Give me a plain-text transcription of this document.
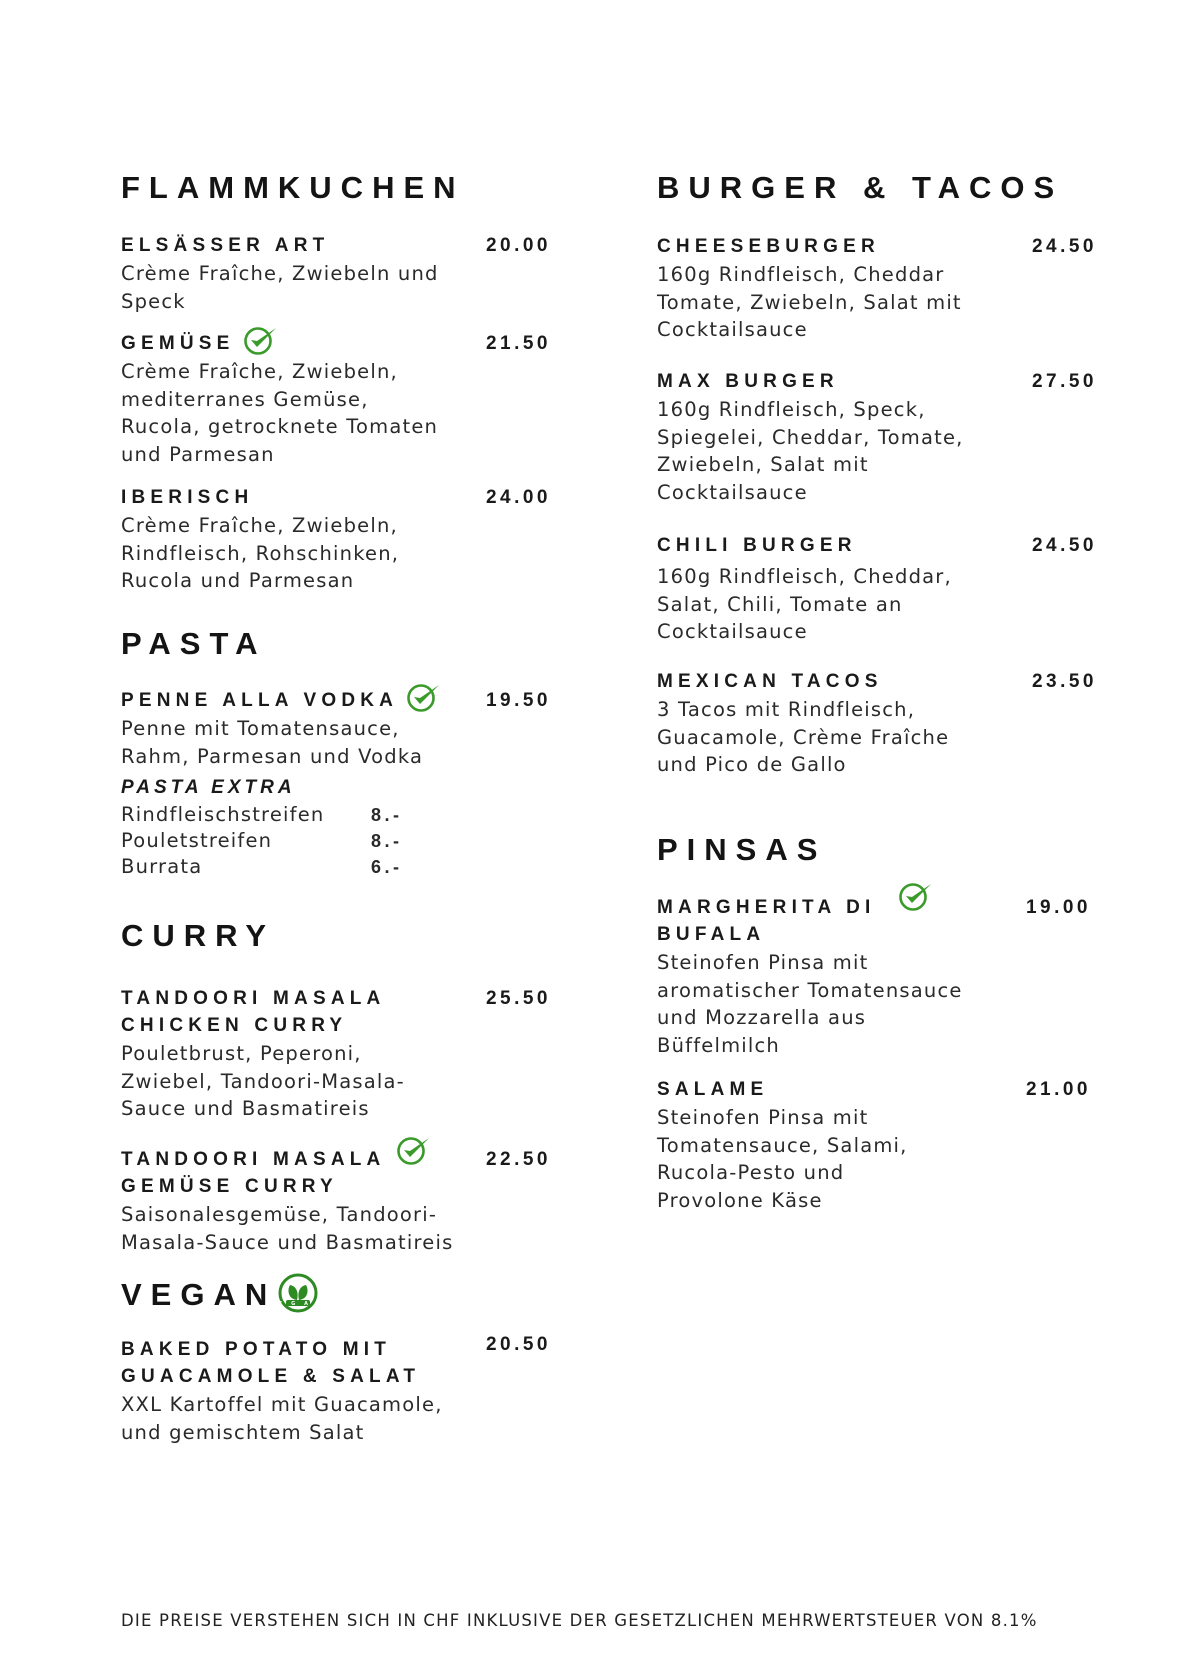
FLAMMKUCHEN
ELSÄSSER ART	20.00
Crème Fraîche, Zwiebeln und
Speck
GEMÜSE	21.50
Crème Fraîche, Zwiebeln,
mediterranes Gemüse,
Rucola, getrocknete Tomaten
und Parmesan
IBERISCH	24.00
Crème Fraîche, Zwiebeln,
Rindfleisch, Rohschinken,
Rucola und Parmesan
PASTA
PENNE ALLA VODKA	19.50
Penne mit Tomatensauce,
Rahm, Parmesan und Vodka
PASTA EXTRA
Rindfleischstreifen	8.-
Pouletstreifen	8.-
Burrata	6.-
CURRY
TANDOORI MASALA
CHICKEN CURRY
25.50
Pouletbrust, Peperoni,
Zwiebel, Tandoori-Masala-
Sauce und Basmatireis
TANDOORI MASALA
GEMÜSE CURRY
22.50
Saisonalesgemüse, Tandoori-
Masala-Sauce und Basmatireis
VEGAN
VEGAN
BAKED POTATO MIT
GUACAMOLE & SALAT
20.50
XXL Kartoffel mit Guacamole,
und gemischtem Salat
BURGER & TACOS
CHEESEBURGER	24.50
160g Rindfleisch, Cheddar
Tomate, Zwiebeln, Salat mit
Cocktailsauce
MAX BURGER	27.50
160g Rindfleisch, Speck,
Spiegelei, Cheddar, Tomate,
Zwiebeln, Salat mit
Cocktailsauce
CHILI BURGER	24.50
160g Rindfleisch, Cheddar,
Salat, Chili, Tomate an
Cocktailsauce
MEXICAN TACOS	23.50
3 Tacos mit Rindfleisch,
Guacamole, Crème Fraîche
und Pico de Gallo
PINSAS
MARGHERITA DI
BUFALA
19.00
Steinofen Pinsa mit
aromatischer Tomatensauce
und Mozzarella aus
Büffelmilch
SALAME	21.00
Steinofen Pinsa mit
Tomatensauce, Salami,
Rucola-Pesto und
Provolone Käse
DIE PREISE VERSTEHEN SICH IN CHF INKLUSIVE DER GESETZLICHEN MEHRWERTSTEUER VON 8.1%
